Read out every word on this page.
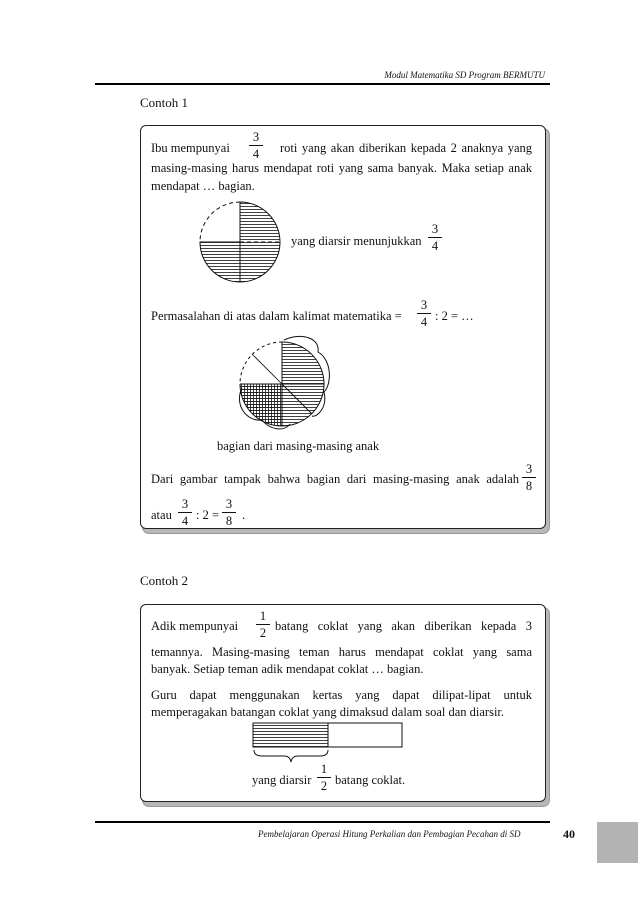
Modul Matematika SD Program BERMUTU
Contoh 1
Ibu mempunyai $\frac{3}{4}$ roti yang akan diberikan kepada 2 anaknya yang
masing-masing harus mendapat roti yang sama banyak. Maka setiap anak
mendapat … bagian.
yang diarsir menunjukkan $\frac{3}{4}$
Permasalahan di atas dalam kalimat matematika = $\frac{3}{4}$ : 2 = …
bagian dari masing-masing anak
Dari gambar tampak bahwa bagian dari masing-masing anak adalah $\frac{3}{8}$
atau $\frac{3}{4}$ : $2 = \frac{3}{8}$ .
Contoh 2
Adik mempunyai $\frac{1}{2}$ batang coklat yang akan diberikan kepada 3
temannya. Masing-masing teman harus mendapat coklat yang sama
banyak. Setiap teman adik mendapat coklat … bagian.
Guru dapat menggunakan kertas yang dapat dilipat-lipat untuk
memperagakan batangan coklat yang dimaksud dalam soal dan diarsir.
yang diarsir $\frac{1}{2}$ batang coklat.
Pembelajaran Operasi Hitung Perkalian dan Pembagian Pecahan di SD	40
